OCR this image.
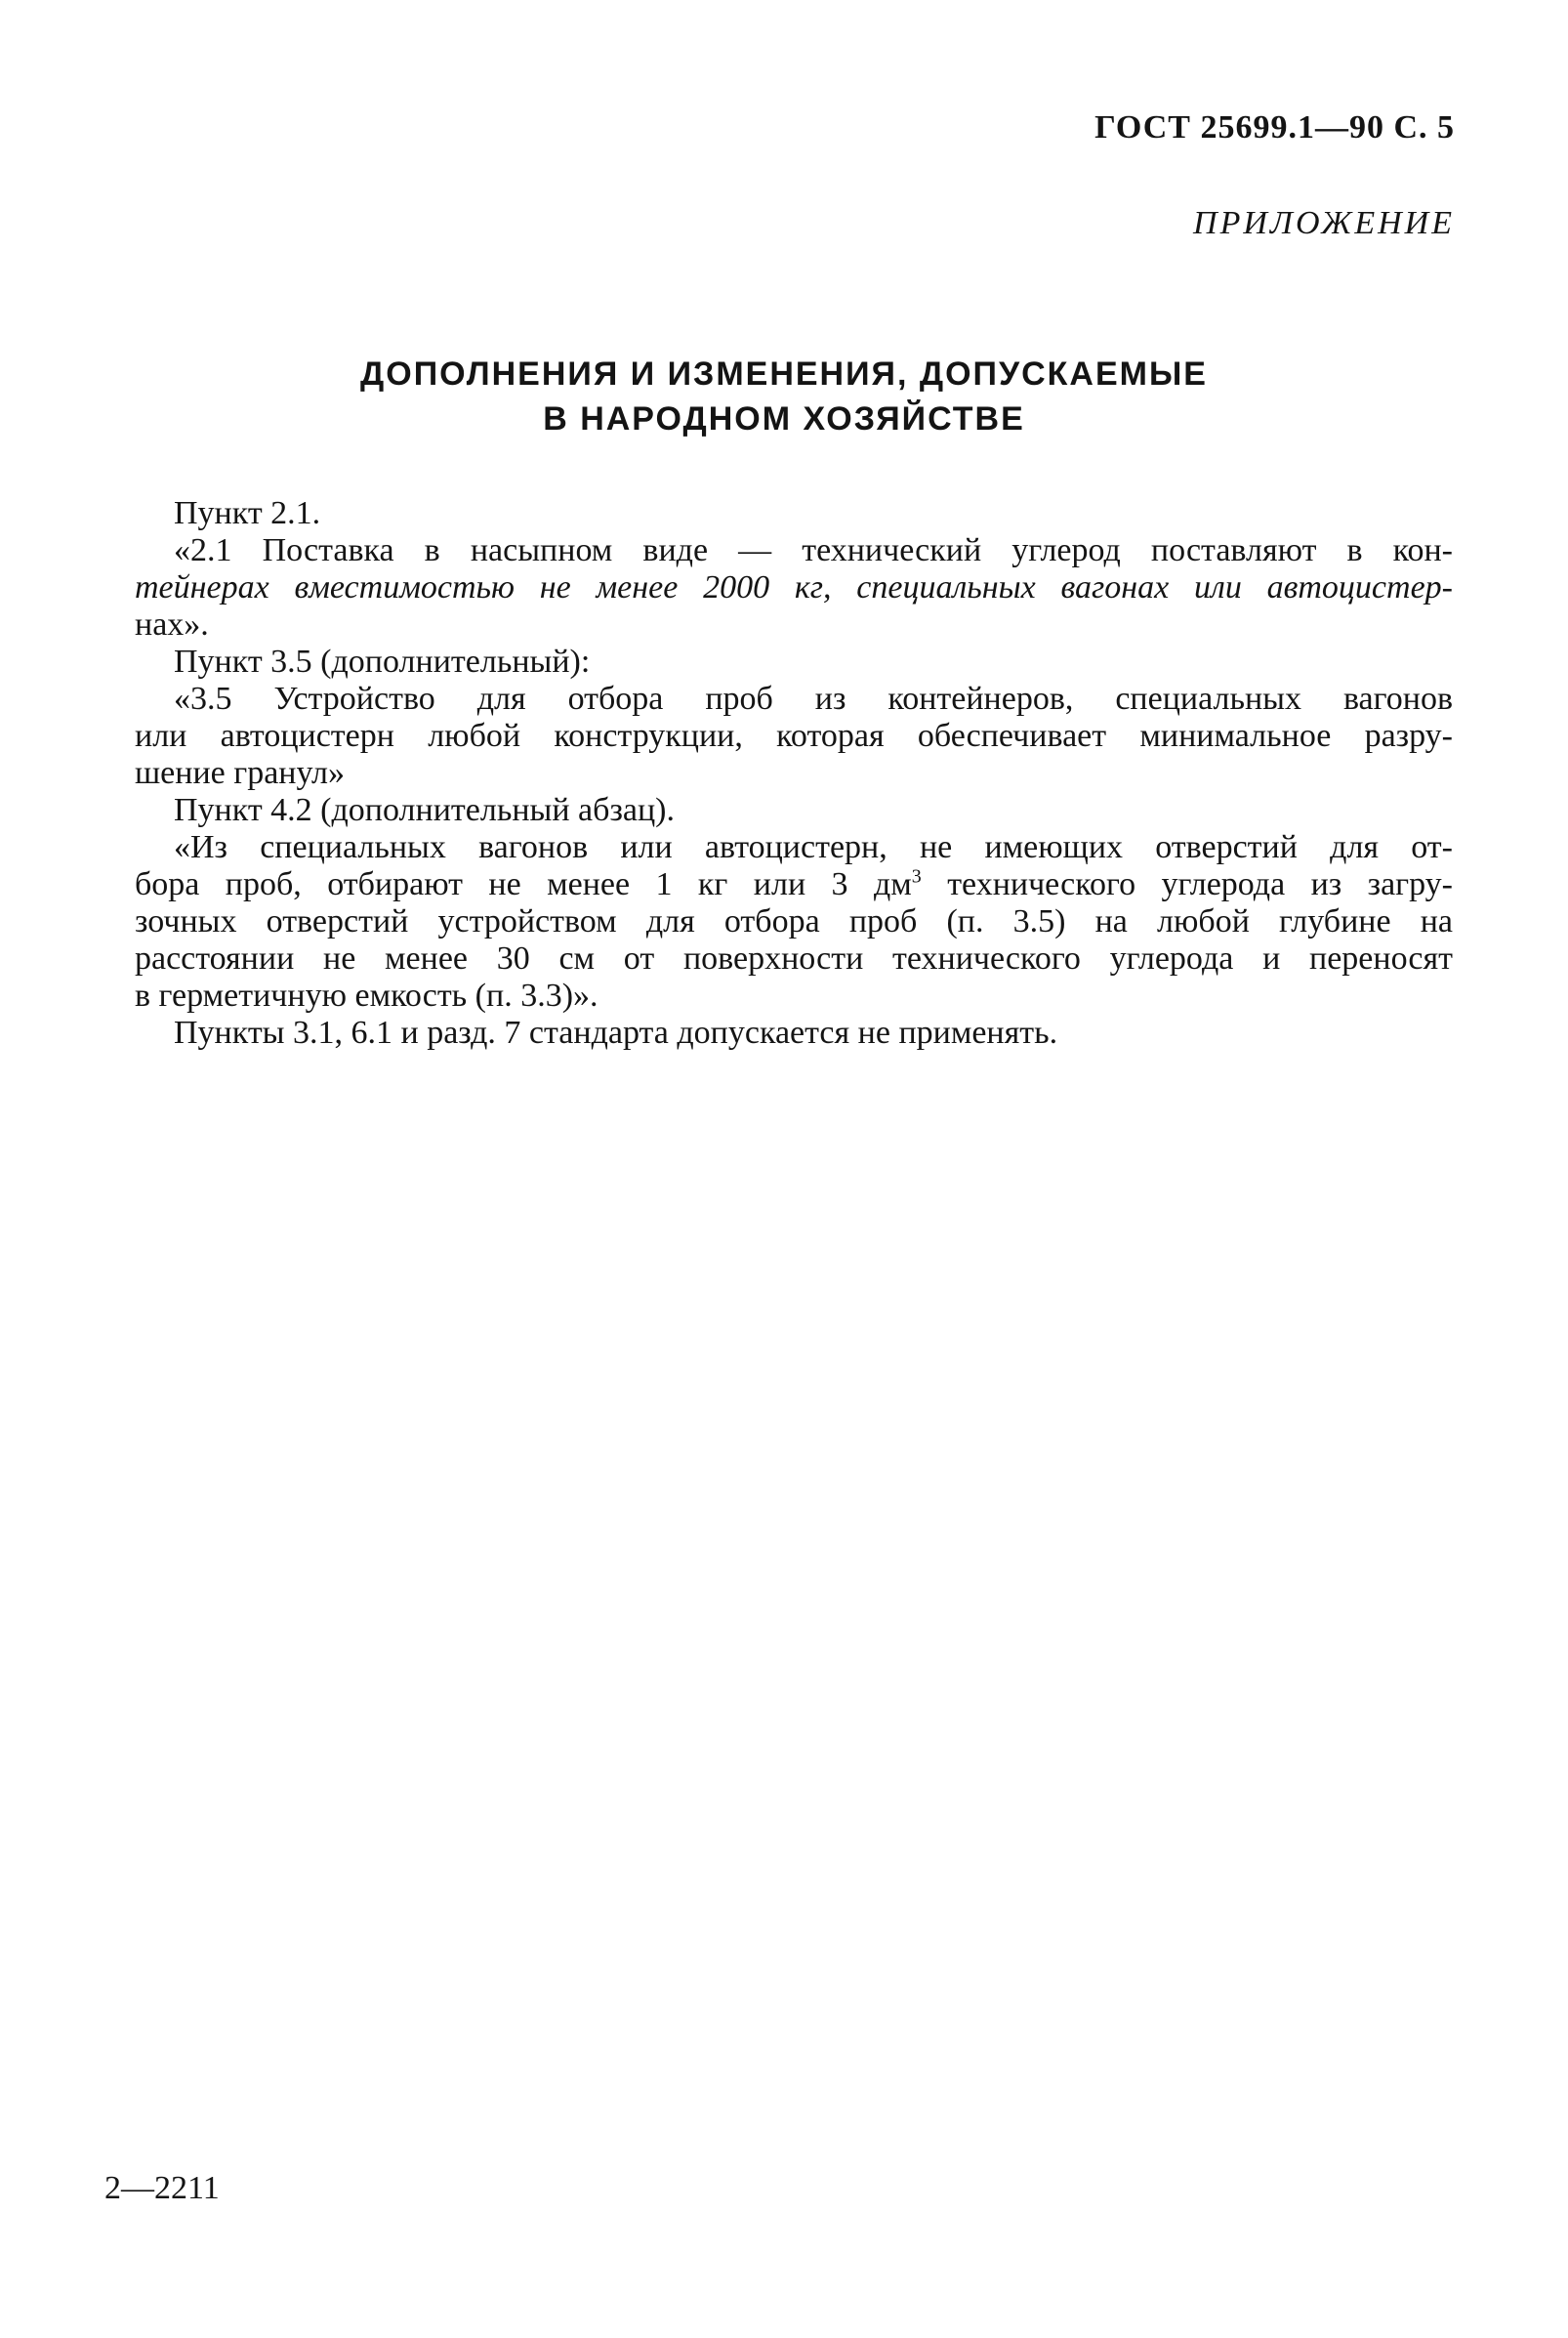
ГОСТ 25699.1—90 С. 5
ПРИЛОЖЕНИЕ
ДОПОЛНЕНИЯ И ИЗМЕНЕНИЯ, ДОПУСКАЕМЫЕ
В НАРОДНОМ ХОЗЯЙСТВЕ
Пункт 2.1.
«2.1 Поставка в насыпном виде — технический углерод поставляют в кон-
тейнерах вместимостью не менее 2000 кг, специальных вагонах или автоцистер-
нах».
Пункт 3.5 (дополнительный):
«3.5 Устройство для отбора проб из контейнеров, специальных вагонов
или автоцистерн любой конструкции, которая обеспечивает минимальное разру-
шение гранул»
Пункт 4.2 (дополнительный абзац).
«Из специальных вагонов или автоцистерн, не имеющих отверстий для от-
бора проб, отбирают не менее 1 кг или 3 $дм^3$ технического углерода из загру-
зочных отверстий устройством для отбора проб (п. 3.5) на любой глубине на
расстоянии не менее 30 см от поверхности технического углерода и переносят
в герметичную емкость (п. 3.3)».
Пункты 3.1, 6.1 и разд. 7 стандарта допускается не применять.
2—2211
